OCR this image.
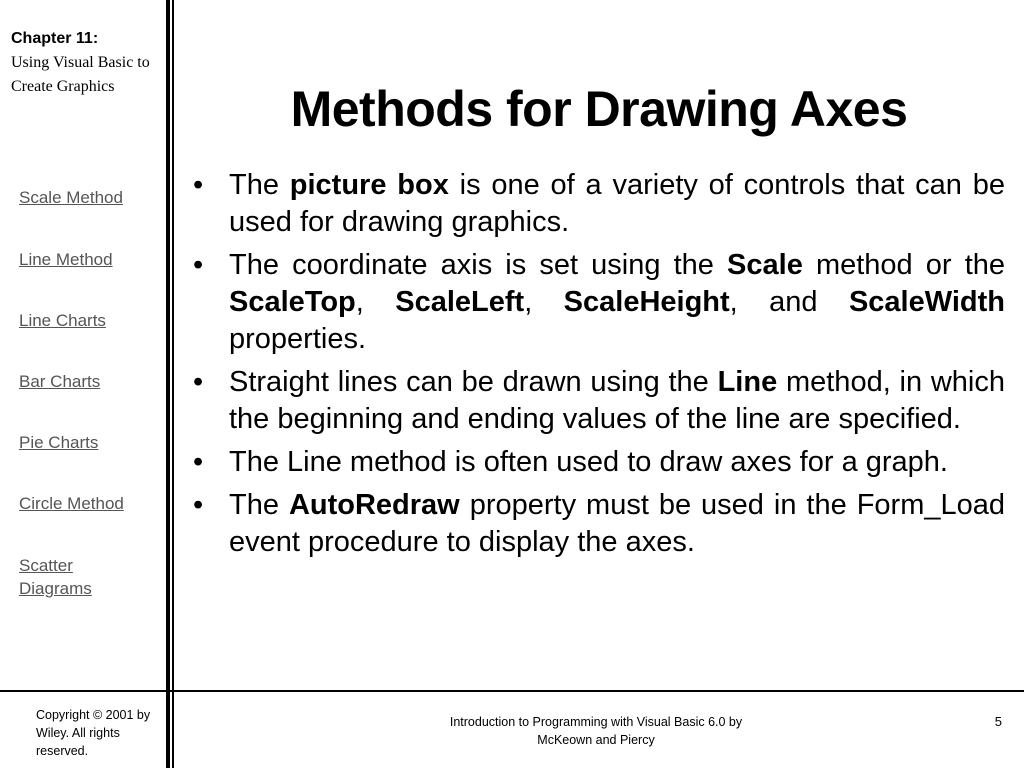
Chapter 11:
Using Visual Basic to Create Graphics
Scale Method
Line Method
Line Charts
Bar Charts
Pie Charts
Circle Method
Scatter Diagrams
Methods for Drawing Axes
• The picture box is one of a variety of controls that can be used for drawing graphics.
• The coordinate axis is set using the Scale method or the ScaleTop, ScaleLeft, ScaleHeight, and ScaleWidth properties.
• Straight lines can be drawn using the Line method, in which the beginning and ending values of the line are specified.
• The Line method is often used to draw axes for a graph.
• The AutoRedraw property must be used in the Form_Load event procedure to display the axes.
Copyright © 2001 by Wiley. All rights reserved.
Introduction to Programming with Visual Basic 6.0 by McKeown and Piercy
5
